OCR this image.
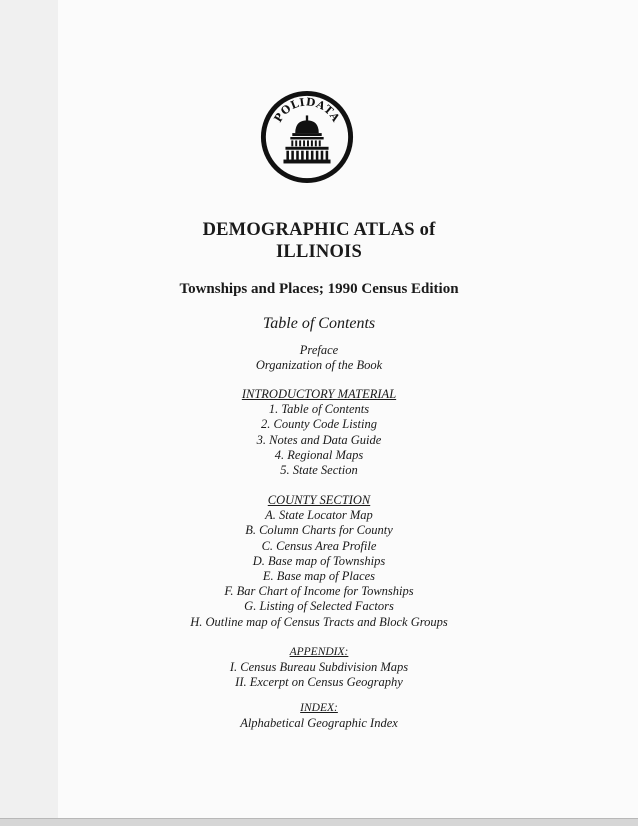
POLIDATA
DEMOGRAPHIC ATLAS of
ILLINOIS
Townships and Places; 1990 Census Edition
Table of Contents
Preface
Organization of the Book
INTRODUCTORY MATERIAL
1. Table of Contents
2. County Code Listing
3. Notes and Data Guide
4. Regional Maps
5. State Section
COUNTY SECTION
A. State Locator Map
B. Column Charts for County
C. Census Area Profile
D. Base map of Townships
E. Base map of Places
F. Bar Chart of Income for Townships
G. Listing of Selected Factors
H. Outline map of Census Tracts and Block Groups
APPENDIX:
I. Census Bureau Subdivision Maps
II. Excerpt on Census Geography
INDEX:
Alphabetical Geographic Index
